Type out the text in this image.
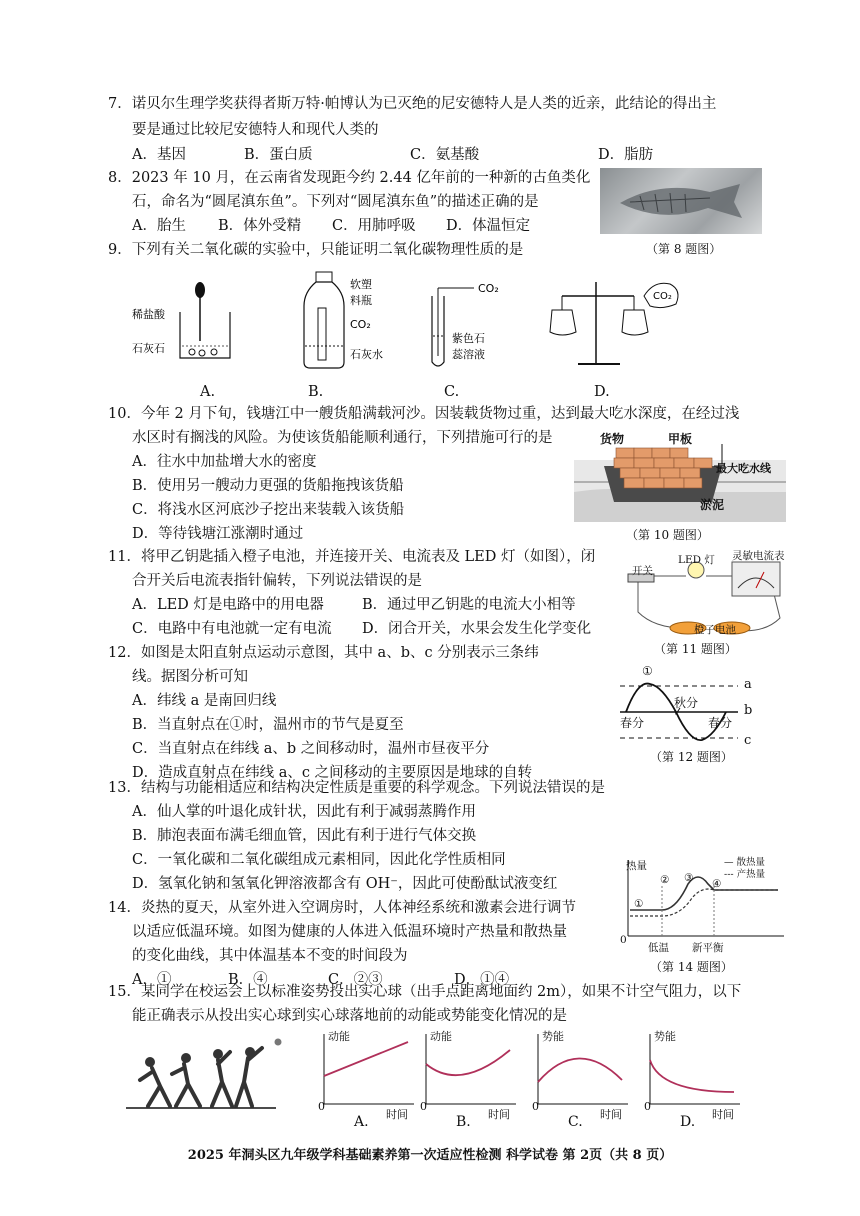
7．诺贝尔生理学奖获得者斯万特·帕博认为已灭绝的尼安德特人是人类的近亲，此结论的得出主
要是通过比较尼安德特人和现代人类的
A．基因	B．蛋白质	C．氨基酸	D．脂肪
8．2023 年 10 月，在云南省发现距今约 2.44 亿年前的一种新的古鱼类化
石，命名为“圆尾滇东鱼”。下列对“圆尾滇东鱼”的描述正确的是
A．胎生 B．体外受精 C．用肺呼吸 D．体温恒定
（第 8 题图）
9．下列有关二氧化碳的实验中，只能证明二氧化碳物理性质的是
稀盐酸
石灰石
软塑
料瓶
CO₂
石灰水
CO₂
紫色石
蕊溶液
CO₂
A.	B.	C.	D.
10．今年 2 月下旬，钱塘江中一艘货船满载河沙。因装载货物过重，达到最大吃水深度，在经过浅
水区时有搁浅的风险。为使该货船能顺利通行，下列措施可行的是
A．往水中加盐增大水的密度
B．使用另一艘动力更强的货船拖拽该货船
C．将浅水区河底沙子挖出来装载入该货船
D．等待钱塘江涨潮时通过
货物	甲板
最大吃水线
淤泥
（第 10 题图）
11．将甲乙钥匙插入橙子电池，并连接开关、电流表及 LED 灯（如图），闭
合开关后电流表指针偏转，下列说法错误的是
A．LED 灯是电路中的用电器	B．通过甲乙钥匙的电流大小相等
C．电路中有电池就一定有电流 D．闭合开关，水果会发生化学变化
开关
LED 灯 灵敏电流表
橙子电池
（第 11 题图）
12．如图是太阳直射点运动示意图，其中 a、b、c 分别表示三条纬
线。据图分析可知
A．纬线 a 是南回归线
B．当直射点在①时，温州市的节气是夏至
C．当直射点在纬线 a、b 之间移动时，温州市昼夜平分
D．造成直射点在纬线 a、c 之间移动的主要原因是地球的自转
①
秋分
春分	春分
a
b
c
（第 12 题图）
13．结构与功能相适应和结构决定性质是重要的科学观念。下列说法错误的是
A．仙人掌的叶退化成针状，因此有利于减弱蒸腾作用
B．肺泡表面布满毛细血管，因此有利于进行气体交换
C．一氧化碳和二氧化碳组成元素相同，因此化学性质相同
D．氢氧化钠和氢氧化钾溶液都含有 OH⁻，因此可使酚酞试液变红
14．炎热的夏天，从室外进入空调房时，人体神经系统和激素会进行调节
以适应低温环境。如图为健康的人体进入低温环境时产热量和散热量
的变化曲线，其中体温基本不变的时间段为
A．①	B．④	C．②③	D．①④
热量	— 散热量
--- 产热量
①
② ③ ④
0
低温 新平衡
（第 14 题图）
15．某同学在校运会上以标准姿势投出实心球（出手点距离地面约 2m），如果不计空气阻力，以下
能正确表示从投出实心球到实心球落地前的动能或势能变化情况的是
动能
时间
0
A.
动能
时间
0
B.
势能
时间
0
C.
势能
时间
0
D.
2025 年洞头区九年级学科基础素养第一次适应性检测 科学试卷 第 2页（共 8 页）
